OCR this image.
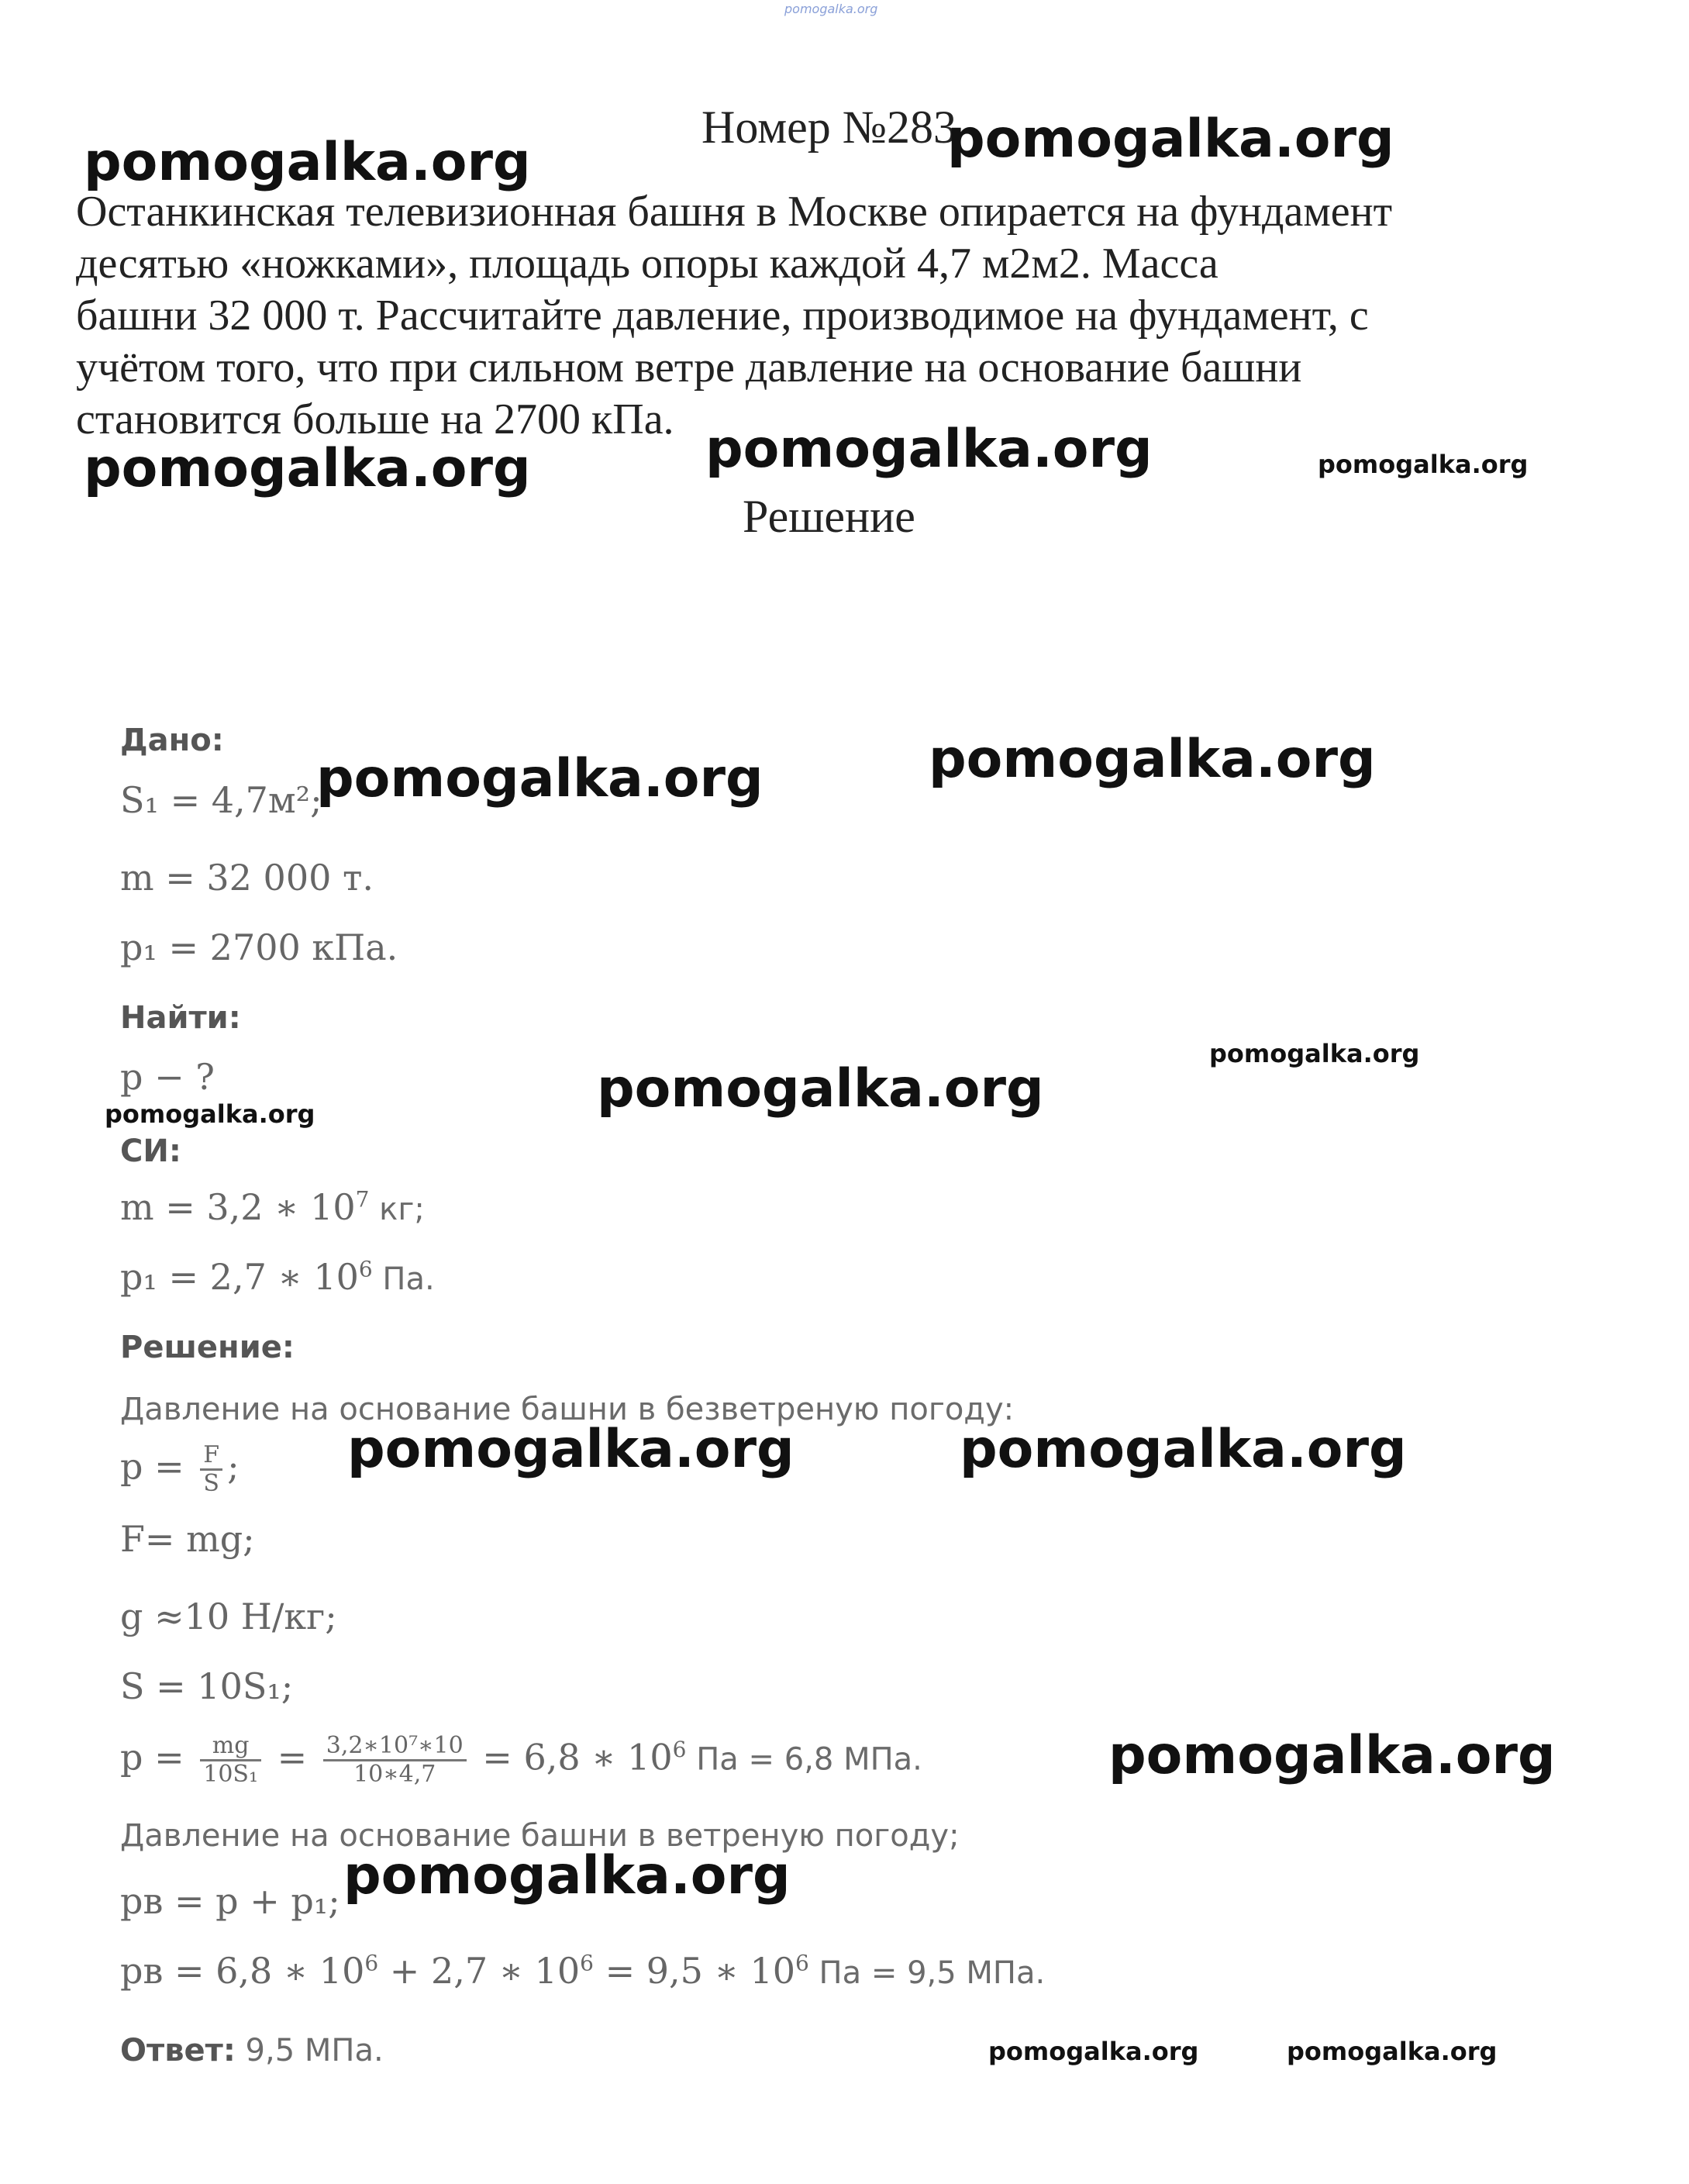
pomogalka.org
Номер №283
pomogalka.org	pomogalka.org

Останкинская телевизионная башня в Москве опирается на фундамент

десятью «ножками», площадь опоры каждой 4,7 м2м2. Масса

башни 32 000 т. Рассчитайте давление, производимое на фундамент, с

учётом того, что при сильном ветре давление на основание башни

становится больше на 2700 кПа.

pomogalka.org	pomogalka.org	pomogalka.org
Решение
Дано:
S₁ = 4,7м²;
m = 32 000 т.
p₁ = 2700 кПа.
pomogalka.org	pomogalka.org
Найти:
p − ?	pomogalka.org
pomogalka.org
pomogalka.org
СИ:
m = 3,2 ∗ $10^7$ кг;
p₁ = 2,7 ∗ $10^6$ Па.
Решение:
Давление на основание башни в безветреную погоду:
$p = \frac{F}{S}$ ; pomogalka.org	pomogalka.org
F= mg;
g ≈10 Н/кг;
S = 10S₁;
$p = \frac{mg}{\text{10S₁}} = \frac{\text{3,2∗10⁷∗10}}{10∗4,7} = 6,8$ ∗ $10^6$ Па = 6,8 МПа.	pomogalka.org
Давление на основание башни в ветреную погоду;
pв = p + p₁; pomogalka.org
pв = 6,8 ∗ $10^6 + 2,7$ ∗ $10^6 = 9,5$ ∗ $10^6$ Па = 9,5 МПа.
Ответ: 9,5 МПа.	pomogalka.org	pomogalka.org
